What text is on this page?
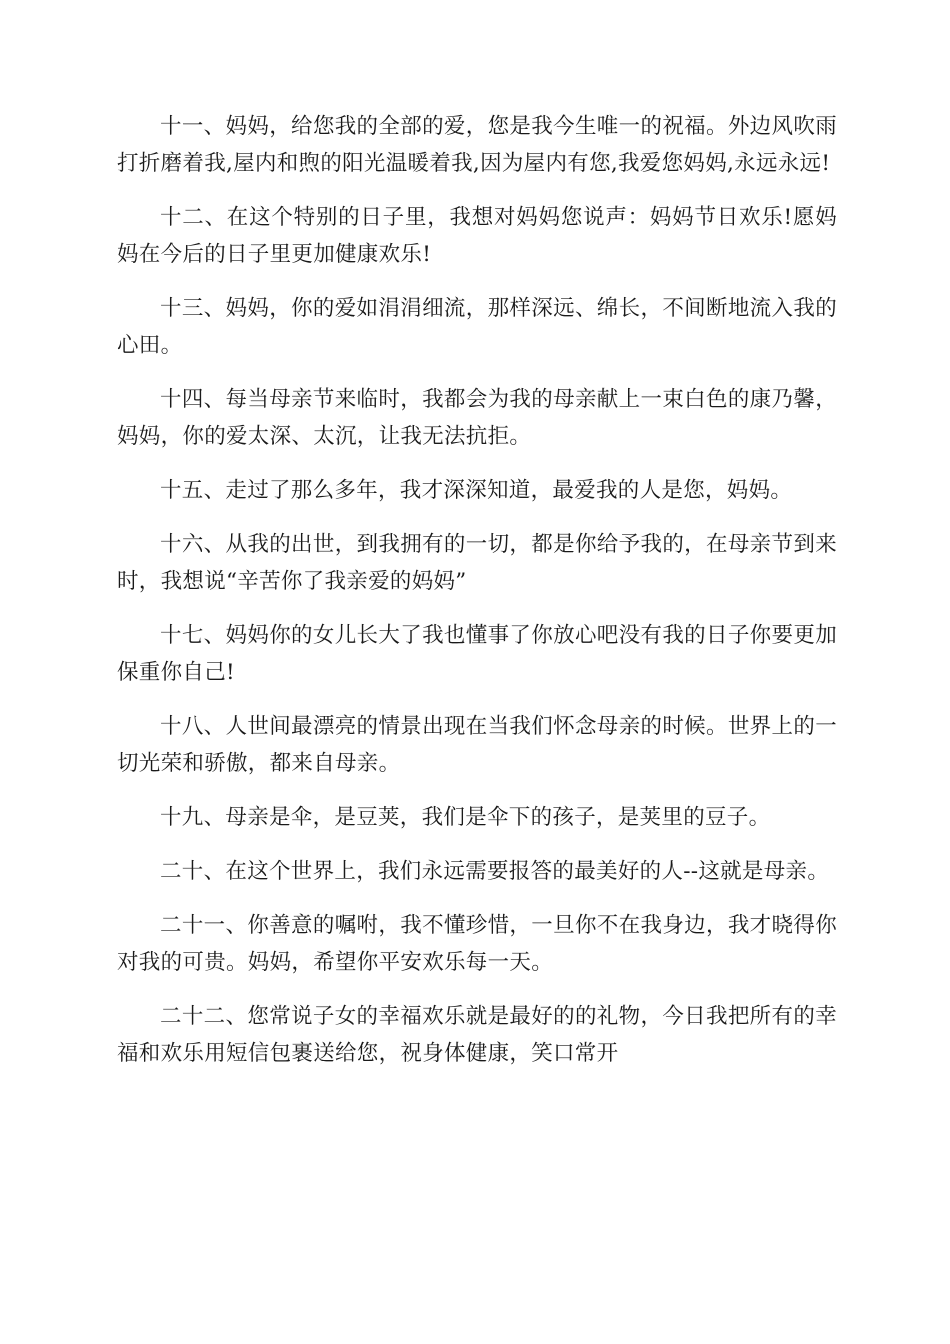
十一、妈妈，给您我的全部的爱，您是我今生唯一的祝福。外边风吹雨打折磨着我,屋内和煦的阳光温暖着我,因为屋内有您,我爱您妈妈,永远永远!

十二、在这个特别的日子里，我想对妈妈您说声：妈妈节日欢乐!愿妈妈在今后的日子里更加健康欢乐!

十三、妈妈，你的爱如涓涓细流，那样深远、绵长，不间断地流入我的心田。

十四、每当母亲节来临时，我都会为我的母亲献上一束白色的康乃馨，妈妈，你的爱太深、太沉，让我无法抗拒。

十五、走过了那么多年，我才深深知道，最爱我的人是您，妈妈。

十六、从我的出世，到我拥有的一切，都是你给予我的，在母亲节到来时，我想说“辛苦你了我亲爱的妈妈”

十七、妈妈你的女儿长大了我也懂事了你放心吧没有我的日子你要更加保重你自己!

十八、人世间最漂亮的情景出现在当我们怀念母亲的时候。世界上的一切光荣和骄傲，都来自母亲。

十九、母亲是伞，是豆荚，我们是伞下的孩子，是荚里的豆子。

二十、在这个世界上，我们永远需要报答的最美好的人--这就是母亲。

二十一、你善意的嘱咐，我不懂珍惜，一旦你不在我身边，我才晓得你对我的可贵。妈妈，希望你平安欢乐每一天。

二十二、您常说子女的幸福欢乐就是最好的的礼物，今日我把所有的幸福和欢乐用短信包裹送给您，祝身体健康，笑口常开
